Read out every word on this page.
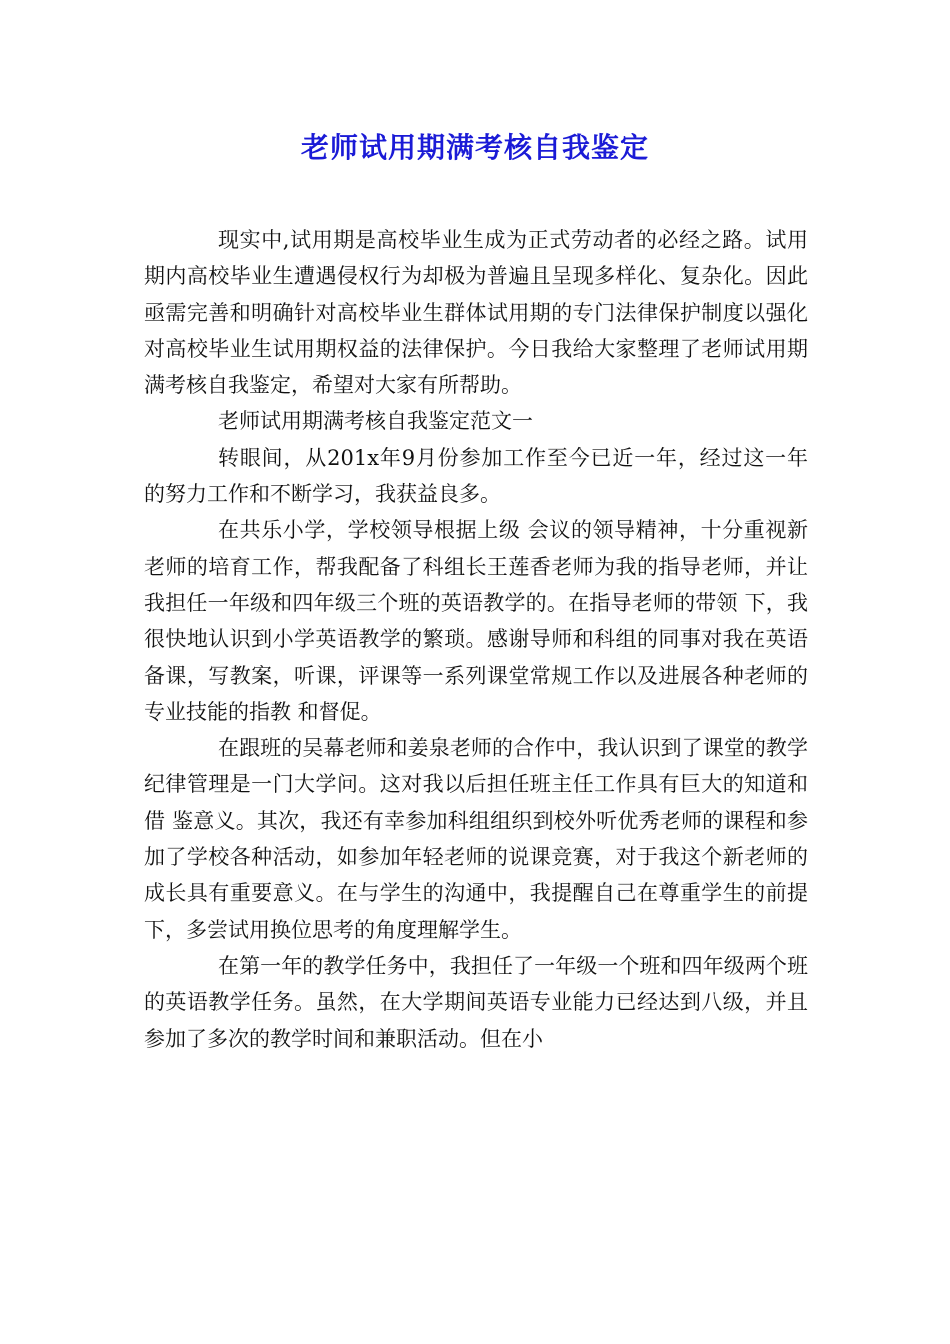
老师试用期满考核自我鉴定

现实中,试用期是高校毕业生成为正式劳动者的必经之路。试用期内高校毕业生遭遇侵权行为却极为普遍且呈现多样化、复杂化。因此亟需完善和明确针对高校毕业生群体试用期的专门法律保护制度以强化对高校毕业生试用期权益的法律保护。今日我给大家整理了老师试用期满考核自我鉴定，希望对大家有所帮助。

老师试用期满考核自我鉴定范文一

转眼间，从201x年9月份参加工作至今已近一年，经过这一年的努力工作和不断学习，我获益良多。

在共乐小学，学校领导根据上级 会议的领导精神，十分重视新老师的培育工作，帮我配备了科组长王莲香老师为我的指导老师，并让我担任一年级和四年级三个班的英语教学的。在指导老师的带领 下，我很快地认识到小学英语教学的繁琐。感谢导师和科组的同事对我在英语备课，写教案，听课，评课等一系列课堂常规工作以及进展各种老师的专业技能的指教 和督促。

在跟班的吴幕老师和姜泉老师的合作中，我认识到了课堂的教学纪律管理是一门大学问。这对我以后担任班主任工作具有巨大的知道和借 鉴意义。其次，我还有幸参加科组组织到校外听优秀老师的课程和参加了学校各种活动，如参加年轻老师的说课竞赛，对于我这个新老师的成长具有重要意义。在与学生的沟通中，我提醒自己在尊重学生的前提下，多尝试用换位思考的角度理解学生。

在第一年的教学任务中，我担任了一年级一个班和四年级两个班的英语教学任务。虽然，在大学期间英语专业能力已经达到八级，并且参加了多次的教学时间和兼职活动。但在小
